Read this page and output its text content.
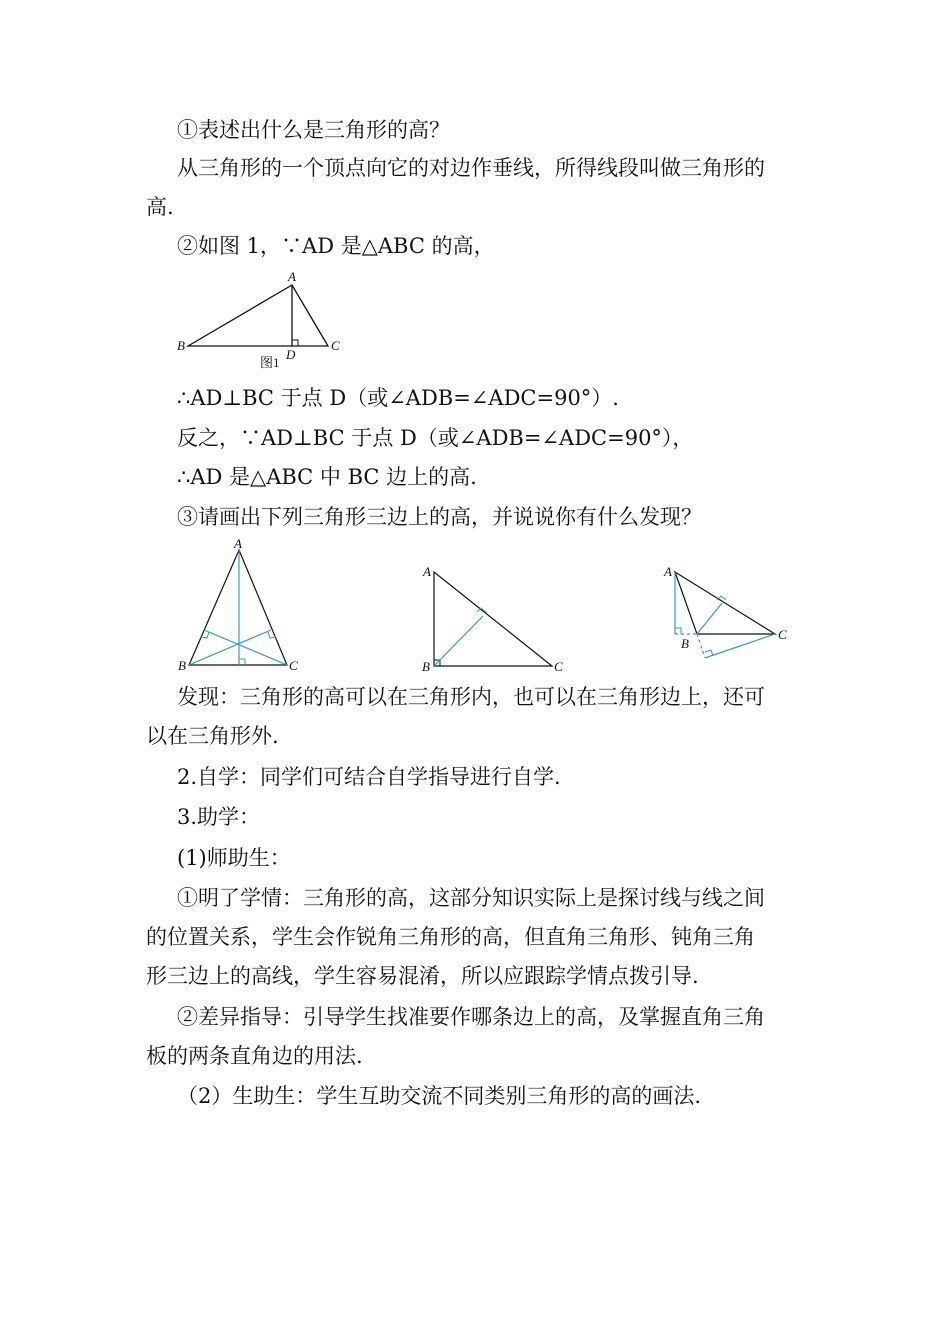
①表述出什么是三角形的高？
从三角形的一个顶点向它的对边作垂线，所得线段叫做三角形的
高.
②如图 1，∵AD 是△ABC 的高，
A
B	C
D
图1
∴AD⊥BC 于点 D（或∠ADB=∠ADC=90°）.
反之，∵AD⊥BC 于点 D（或∠ADB=∠ADC=90°），
∴AD 是△ABC 中 BC 边上的高.
③请画出下列三角形三边上的高，并说说你有什么发现？
A
B	C
A
B	C
A
B
C
发现：三角形的高可以在三角形内，也可以在三角形边上，还可
以在三角形外.
2.自学：同学们可结合自学指导进行自学.
3.助学：
(1)师助生：
①明了学情：三角形的高，这部分知识实际上是探讨线与线之间
的位置关系，学生会作锐角三角形的高，但直角三角形、钝角三角
形三边上的高线，学生容易混淆，所以应跟踪学情点拨引导.
②差异指导：引导学生找准要作哪条边上的高，及掌握直角三角
板的两条直角边的用法.
（2）生助生：学生互助交流不同类别三角形的高的画法.
